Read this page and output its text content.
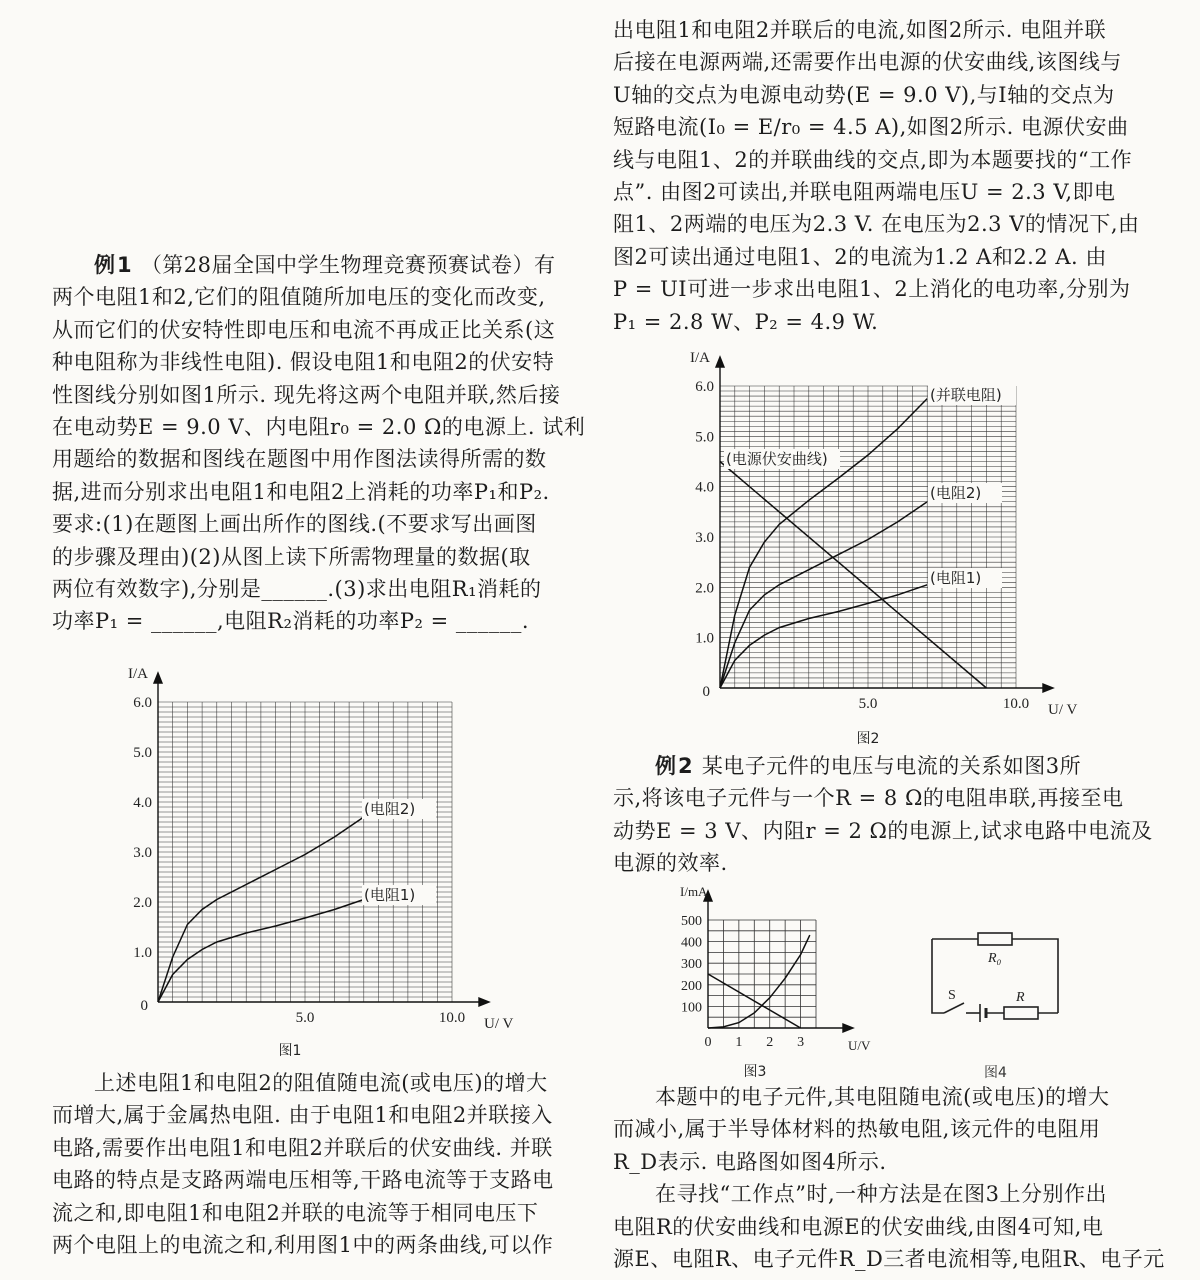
例1 （第28届全国中学生物理竞赛预赛试卷）有
两个电阻1和2,它们的阻值随所加电压的变化而改变,
从而它们的伏安特性即电压和电流不再成正比关系(这
种电阻称为非线性电阻). 假设电阻1和电阻2的伏安特
性图线分别如图1所示. 现先将这两个电阻并联,然后接
在电动势E = 9.0 V、内电阻r₀ = 2.0 Ω的电源上. 试利
用题给的数据和图线在题图中用作图法读得所需的数
据,进而分别求出电阻1和电阻2上消耗的功率P₁和P₂.
要求:(1)在题图上画出所作的图线.(不要求写出画图
的步骤及理由)(2)从图上读下所需物理量的数据(取
两位有效数字),分别是______.(3)求出电阻R₁消耗的
功率P₁ = ______,电阻R₂消耗的功率P₂ = ______.
I/A
U/ V
1.0
2.0
3.0
4.0
5.0
6.0
0
5.0	10.0
(电阻1)
(电阻2)
图1
上述电阻1和电阻2的阻值随电流(或电压)的增大
而增大,属于金属热电阻. 由于电阻1和电阻2并联接入
电路,需要作出电阻1和电阻2并联后的伏安曲线. 并联
电路的特点是支路两端电压相等,干路电流等于支路电
流之和,即电阻1和电阻2并联的电流等于相同电压下
两个电阻上的电流之和,利用图1中的两条曲线,可以作
出电阻1和电阻2并联后的电流,如图2所示. 电阻并联
后接在电源两端,还需要作出电源的伏安曲线,该图线与
U轴的交点为电源电动势(E = 9.0 V),与I轴的交点为
短路电流(I₀ = E/r₀ = 4.5 A),如图2所示. 电源伏安曲
线与电阻1、2的并联曲线的交点,即为本题要找的“工作
点”. 由图2可读出,并联电阻两端电压U = 2.3 V,即电
阻1、2两端的电压为2.3 V. 在电压为2.3 V的情况下,由
图2可读出通过电阻1、2的电流为1.2 A和2.2 A. 由
P = UI可进一步求出电阻1、2上消化的电功率,分别为
P₁ = 2.8 W、P₂ = 4.9 W.
I/A
U/ V
1.0
2.0
3.0
4.0
5.0
6.0
0
5.0	10.0
(电阻1)
(电阻2)
(并联电阻)
(电源伏安曲线)
图2
例2 某电子元件的电压与电流的关系如图3所
示,将该电子元件与一个R = 8 Ω的电阻串联,再接至电
动势E = 3 V、内阻r = 2 Ω的电源上,试求电路中电流及
电源的效率.
I/mA
U/V
100
200
300
400
500
0 1 2 3
图3
R₀
S	R
图4
本题中的电子元件,其电阻随电流(或电压)的增大
而减小,属于半导体材料的热敏电阻,该元件的电阻用
R_D表示. 电路图如图4所示.
在寻找“工作点”时,一种方法是在图3上分别作出
电阻R的伏安曲线和电源E的伏安曲线,由图4可知,电
源E、电阻R、电子元件R_D三者电流相等,电阻R、电子元
